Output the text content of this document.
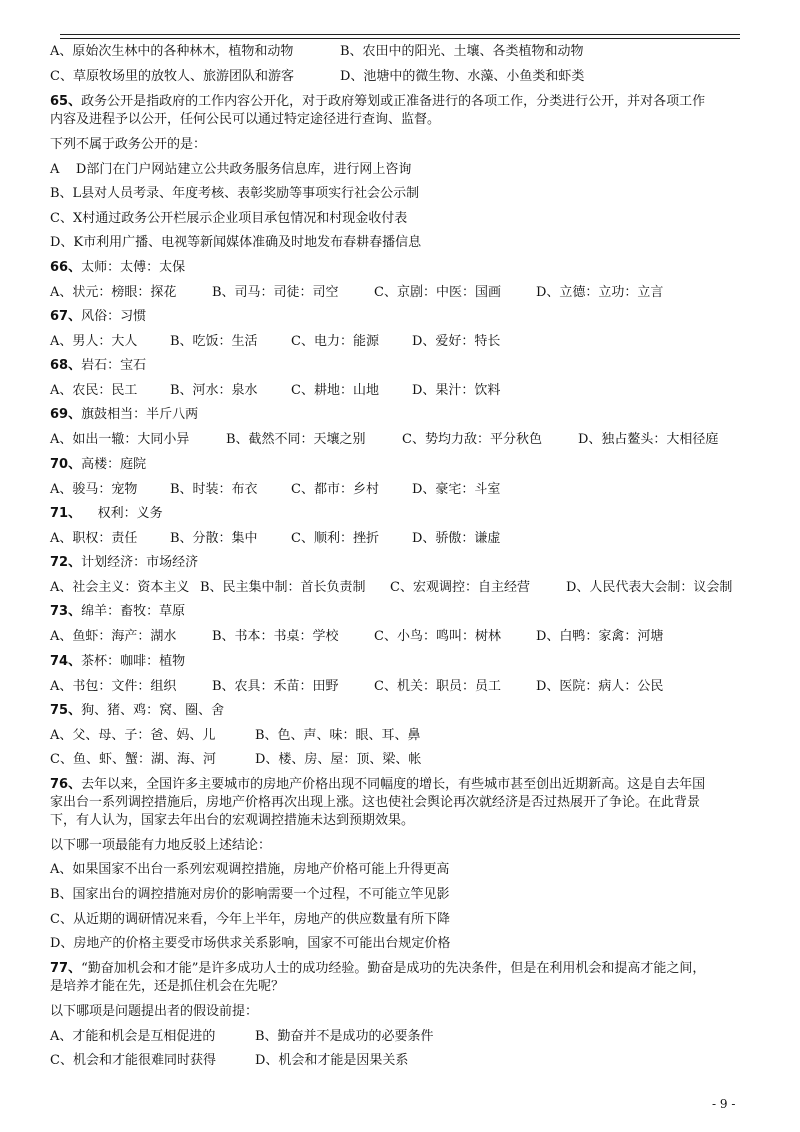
A、原始次生林中的各种林木，植物和动物	B、农田中的阳光、土壤、各类植物和动物
C、草原牧场里的放牧人、旅游团队和游客	D、池塘中的微生物、水藻、小鱼类和虾类
65、政务公开是指政府的工作内容公开化，对于政府筹划或正准备进行的各项工作，分类进行公开，并对各项工作
内容及进程予以公开，任何公民可以通过特定途径进行查询、监督。
下列不属于政务公开的是：
A    D部门在门户网站建立公共政务服务信息库，进行网上咨询
B、L县对人员考录、年度考核、表彰奖励等事项实行社会公示制
C、X村通过政务公开栏展示企业项目承包情况和村现金收付表
D、K市利用广播、电视等新闻媒体准确及时地发布春耕春播信息
66、太师：太傅：太保
A、状元：榜眼：探花	B、司马：司徒：司空	C、京剧：中医：国画	D、立德：立功：立言
67、风俗：习惯
A、男人：大人	B、吃饭：生活	C、电力：能源	D、爱好：特长
68、岩石：宝石
A、农民：民工	B、河水：泉水	C、耕地：山地	D、果汁：饮料
69、旗鼓相当：半斤八两
A、如出一辙：大同小异	B、截然不同：天壤之别	C、势均力敌：平分秋色	D、独占鳌头：大相径庭
70、高楼：庭院
A、骏马：宠物	B、时装：布衣	C、都市：乡村	D、豪宅：斗室
71、 权利：义务
A、职权：责任	B、分散：集中	C、顺利：挫折	D、骄傲：谦虚
72、计划经济：市场经济
A、社会主义：资本主义 B、民主集中制：首长负责制 C、宏观调控：自主经营	D、人民代表大会制：议会制
73、绵羊：畜牧：草原
A、鱼虾：海产：湖水	B、书本：书桌：学校	C、小鸟：鸣叫：树林	D、白鸭：家禽：河塘
74、茶杯：咖啡：植物
A、书包：文件：组织	B、农具：禾苗：田野	C、机关：职员：员工	D、医院：病人：公民
75、狗、猪、鸡：窝、圈、舍
A、父、母、子：爸、妈、儿	B、色、声、味：眼、耳、鼻
C、鱼、虾、蟹：湖、海、河	D、楼、房、屋：顶、梁、帐
76、去年以来，全国许多主要城市的房地产价格出现不同幅度的增长，有些城市甚至创出近期新高。这是自去年国
家出台一系列调控措施后，房地产价格再次出现上涨。这也使社会舆论再次就经济是否过热展开了争论。在此背景
下，有人认为，国家去年出台的宏观调控措施未达到预期效果。
以下哪一项最能有力地反驳上述结论：
A、如果国家不出台一系列宏观调控措施，房地产价格可能上升得更高
B、国家出台的调控措施对房价的影响需要一个过程，不可能立竿见影
C、从近期的调研情况来看，今年上半年，房地产的供应数量有所下降
D、房地产的价格主要受市场供求关系影响，国家不可能出台规定价格
77、“勤奋加机会和才能”是许多成功人士的成功经验。勤奋是成功的先决条件，但是在利用机会和提高才能之间，
是培养才能在先，还是抓住机会在先呢？
以下哪项是问题提出者的假设前提：
A、才能和机会是互相促进的	B、勤奋并不是成功的必要条件
C、机会和才能很难同时获得	D、机会和才能是因果关系
- 9 -
